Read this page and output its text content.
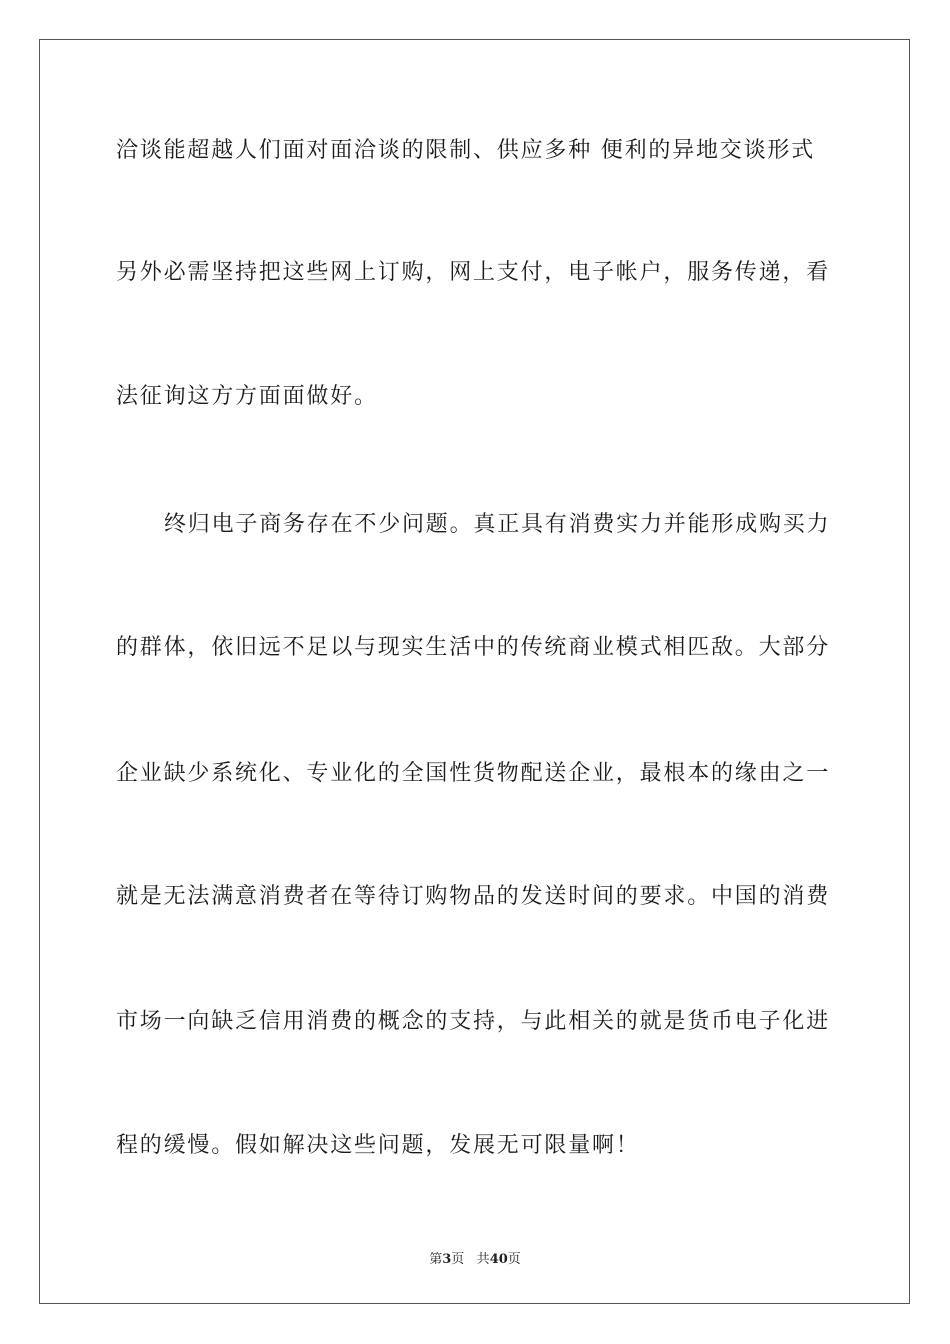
洽谈能超越人们面对面洽谈的限制、供应多种 便利的异地交谈形式
另外必需坚持把这些网上订购，网上支付，电子帐户，服务传递，看
法征询这方方面面做好。
终归电子商务存在不少问题。真正具有消费实力并能形成购买力
的群体，依旧远不足以与现实生活中的传统商业模式相匹敌。大部分
企业缺少系统化、专业化的全国性货物配送企业，最根本的缘由之一
就是无法满意消费者在等待订购物品的发送时间的要求。中国的消费
市场一向缺乏信用消费的概念的支持，与此相关的就是货币电子化进
程的缓慢。假如解决这些问题，发展无可限量啊！
第3页 共40页
